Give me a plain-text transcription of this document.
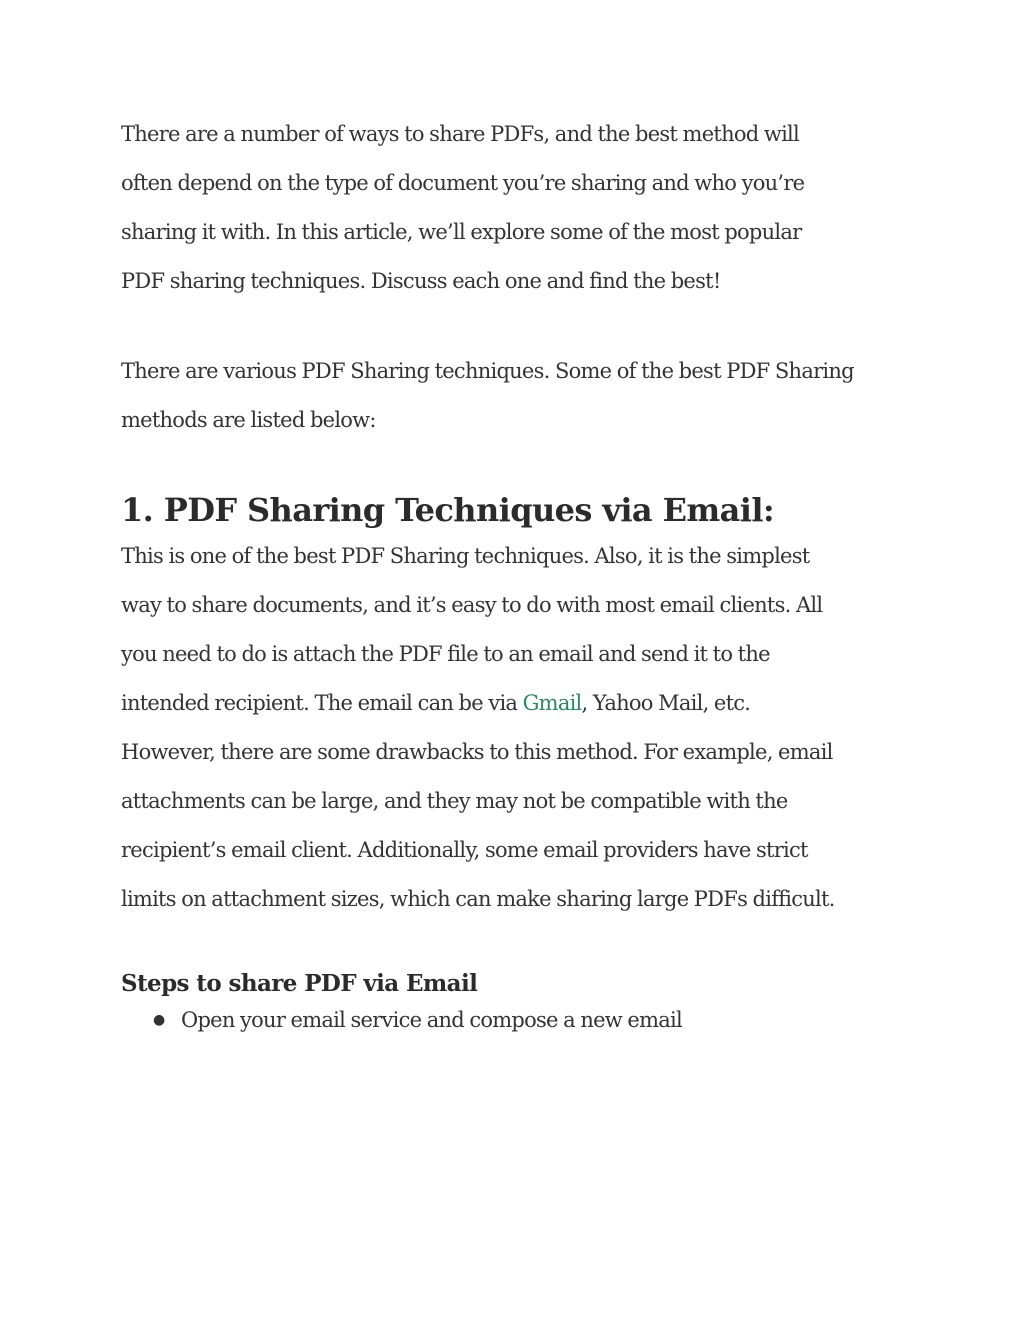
There are a number of ways to share PDFs, and the best method will
often depend on the type of document you’re sharing and who you’re
sharing it with. In this article, we’ll explore some of the most popular
PDF sharing techniques. Discuss each one and find the best!

There are various PDF Sharing techniques. Some of the best PDF Sharing
methods are listed below:

1. PDF Sharing Techniques via Email:

This is one of the best PDF Sharing techniques. Also, it is the simplest
way to share documents, and it’s easy to do with most email clients. All
you need to do is attach the PDF file to an email and send it to the
intended recipient. The email can be via Gmail, Yahoo Mail, etc.
However, there are some drawbacks to this method. For example, email
attachments can be large, and they may not be compatible with the
recipient’s email client. Additionally, some email providers have strict
limits on attachment sizes, which can make sharing large PDFs difficult.

Steps to share PDF via Email
● Open your email service and compose a new email
